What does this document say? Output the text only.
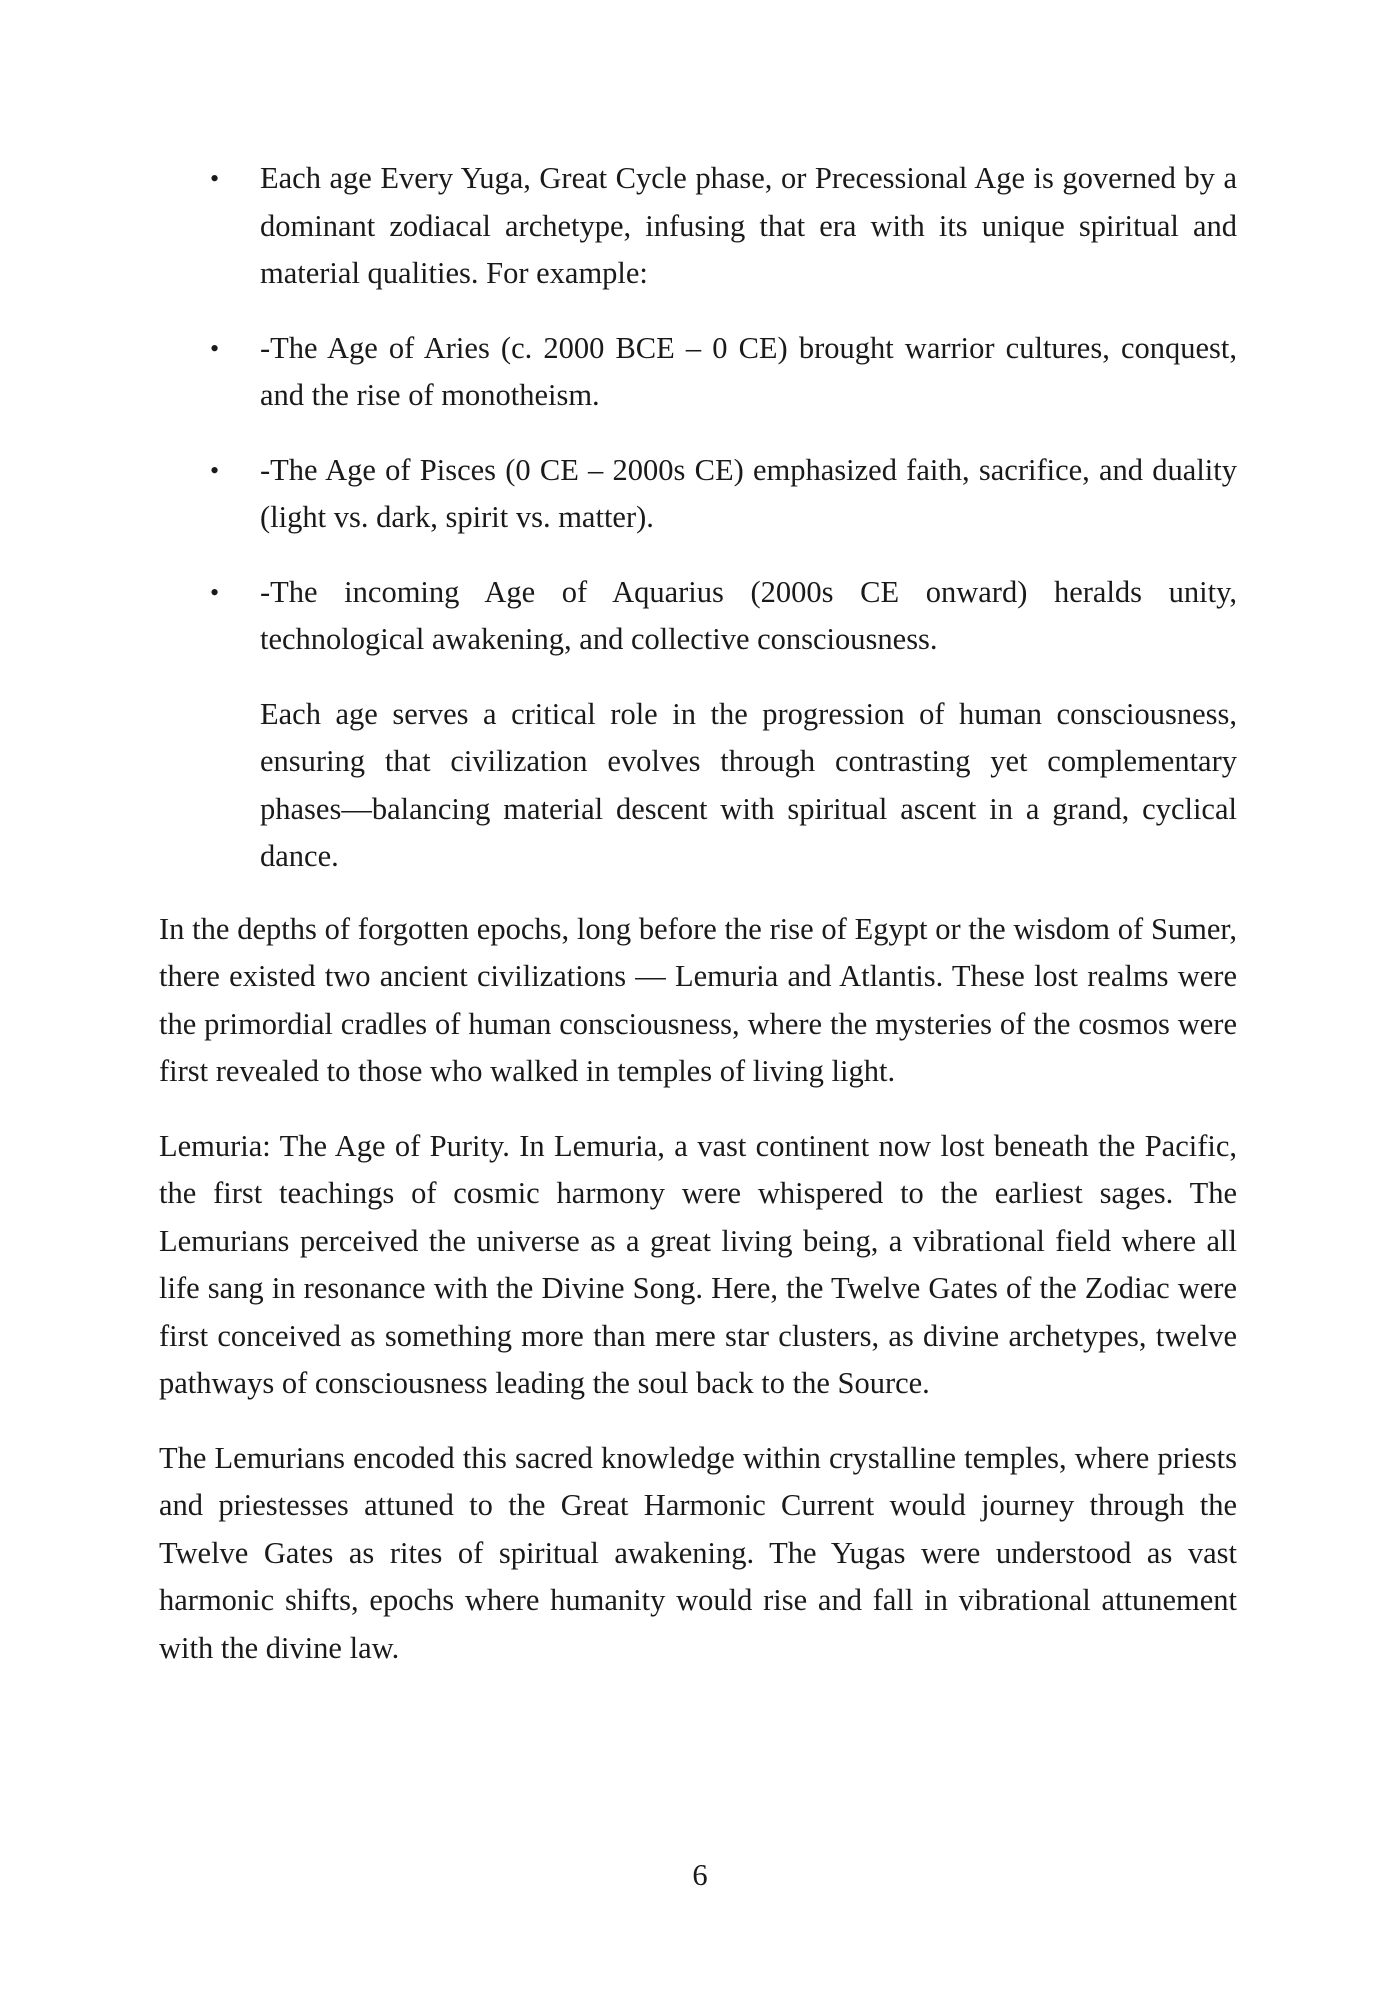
• Each age Every Yuga, Great Cycle phase, or Precessional Age is governed by a dominant zodiacal archetype, infusing that era with its unique spiritual and material qualities. For example:
• -The Age of Aries (c. 2000 BCE – 0 CE) brought warrior cultures, conquest, and the rise of monotheism.
• -The Age of Pisces (0 CE – 2000s CE) emphasized faith, sacrifice, and duality (light vs. dark, spirit vs. matter).
• -The incoming Age of Aquarius (2000s CE onward) heralds unity, technological awakening, and collective consciousness.

Each age serves a critical role in the progression of human consciousness, ensuring that civilization evolves through contrasting yet complementary phases—balancing material descent with spiritual ascent in a grand, cyclical dance.

In the depths of forgotten epochs, long before the rise of Egypt or the wisdom of Sumer, there existed two ancient civilizations — Lemuria and Atlantis. These lost realms were the primordial cradles of human consciousness, where the mysteries of the cosmos were first revealed to those who walked in temples of living light.

Lemuria: The Age of Purity. In Lemuria, a vast continent now lost beneath the Pacific, the first teachings of cosmic harmony were whispered to the earliest sages. The Lemurians perceived the universe as a great living being, a vibrational field where all life sang in resonance with the Divine Song. Here, the Twelve Gates of the Zodiac were first conceived as something more than mere star clusters, as divine archetypes, twelve pathways of consciousness leading the soul back to the Source.

The Lemurians encoded this sacred knowledge within crystalline temples, where priests and priestesses attuned to the Great Harmonic Current would journey through the Twelve Gates as rites of spiritual awakening. The Yugas were understood as vast harmonic shifts, epochs where humanity would rise and fall in vibrational attunement with the divine law.

6
